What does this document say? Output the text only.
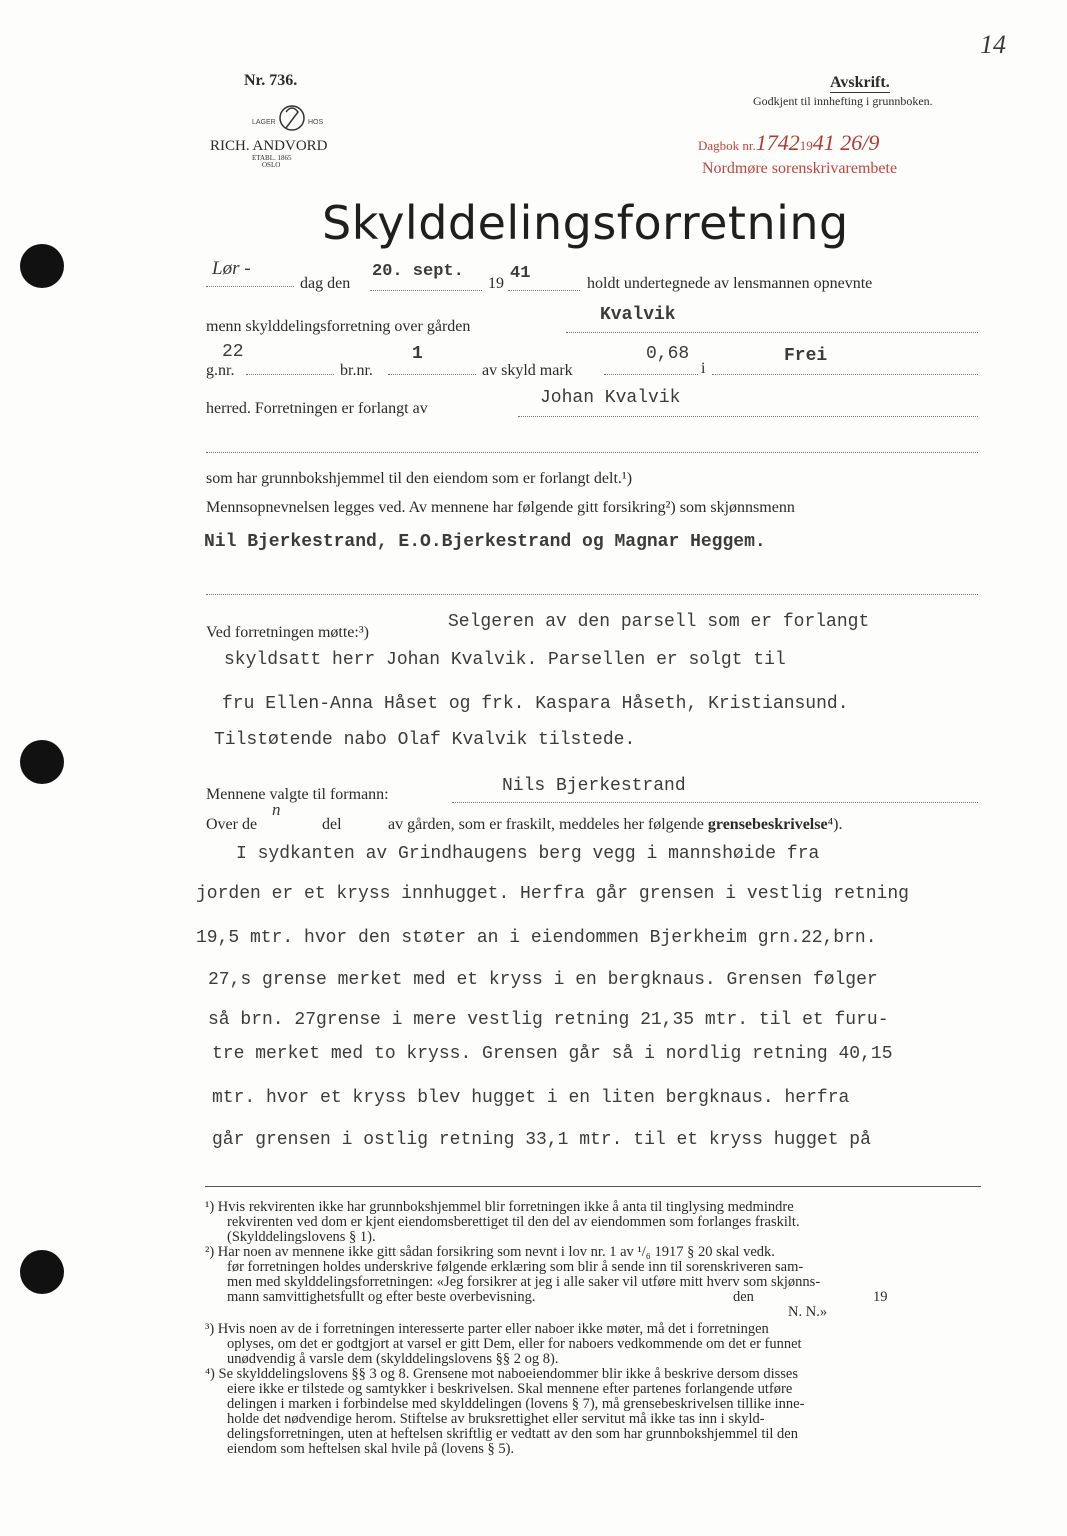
14
Nr. 736.
LAGER	HOS
RICH. ANDVORD
ETABL. 1865
OSLO
Avskrift.
Godkjent til innhefting i grunnboken.
Dagbok nr.17421941 26/9
Nordmøre sorenskrivarembete
Skylddelingsforretning
Lør -
dag den
20. sept.
19
41
holdt undertegnede av lensmannen opnevnte
menn skylddelingsforretning over gården
Kvalvik
g.nr.
22
br.nr.
1
av skyld mark
0,68
i
Frei
herred. Forretningen er forlangt av
Johan Kvalvik
som har grunnbokshjemmel til den eiendom som er forlangt delt.¹)
Mennsopnevnelsen legges ved. Av mennene har følgende gitt forsikring²) som skjønnsmenn
Nil Bjerkestrand, E.O.Bjerkestrand og Magnar Heggem.
Ved forretningen møtte:³)
Selgeren av den parsell som er forlangt
skyldsatt herr Johan Kvalvik. Parsellen er solgt til
fru Ellen-Anna Håset og frk. Kaspara Håseth, Kristiansund.
Tilstøtende nabo Olaf Kvalvik tilstede.
Mennene valgte til formann:	Nils Bjerkestrand
Over de
n
del	av gården, som er fraskilt, meddeles her følgende grensebeskrivelse⁴).
I sydkanten av Grindhaugens berg vegg i mannshøide fra
jorden er et kryss innhugget. Herfra går grensen i vestlig retning
19,5 mtr. hvor den støter an i eiendommen Bjerkheim grn.22,brn.
27,s grense merket med et kryss i en bergknaus. Grensen følger
så brn. 27grense i mere vestlig retning 21,35 mtr. til et furu-
tre merket med to kryss. Grensen går så i nordlig retning 40,15
mtr. hvor et kryss blev hugget i en liten bergknaus. herfra
går grensen i ostlig retning 33,1 mtr. til et kryss hugget på
¹) Hvis rekvirenten ikke har grunnbokshjemmel blir forretningen ikke å anta til tinglysing medmindre
rekvirenten ved dom er kjent eiendomsberettiget til den del av eiendommen som forlanges fraskilt.
(Skylddelingslovens § 1).
²) Har noen av mennene ikke gitt sådan forsikring som nevnt i lov nr. 1 av ¹/₆ 1917 § 20 skal vedk.
før forretningen holdes underskrive følgende erklæring som blir å sende inn til sorenskriveren sam-
men med skylddelingsforretningen: «Jeg forsikrer at jeg i alle saker vil utføre mitt hverv som skjønns-
mann samvittighetsfullt og efter beste overbevisning.	den	19
N. N.»
³) Hvis noen av de i forretningen interesserte parter eller naboer ikke møter, må det i forretningen
oplyses, om det er godtgjort at varsel er gitt Dem, eller for naboers vedkommende om det er funnet
unødvendig å varsle dem (skylddelingslovens §§ 2 og 8).
⁴) Se skylddelingslovens §§ 3 og 8. Grensene mot naboeiendommer blir ikke å beskrive dersom disses
eiere ikke er tilstede og samtykker i beskrivelsen. Skal mennene efter partenes forlangende utføre
delingen i marken i forbindelse med skylddelingen (lovens § 7), må grensebeskrivelsen tillike inne-
holde det nødvendige herom. Stiftelse av bruksrettighet eller servitut må ikke tas inn i skyld-
delingsforretningen, uten at heftelsen skriftlig er vedtatt av den som har grunnbokshjemmel til den
eiendom som heftelsen skal hvile på (lovens § 5).
